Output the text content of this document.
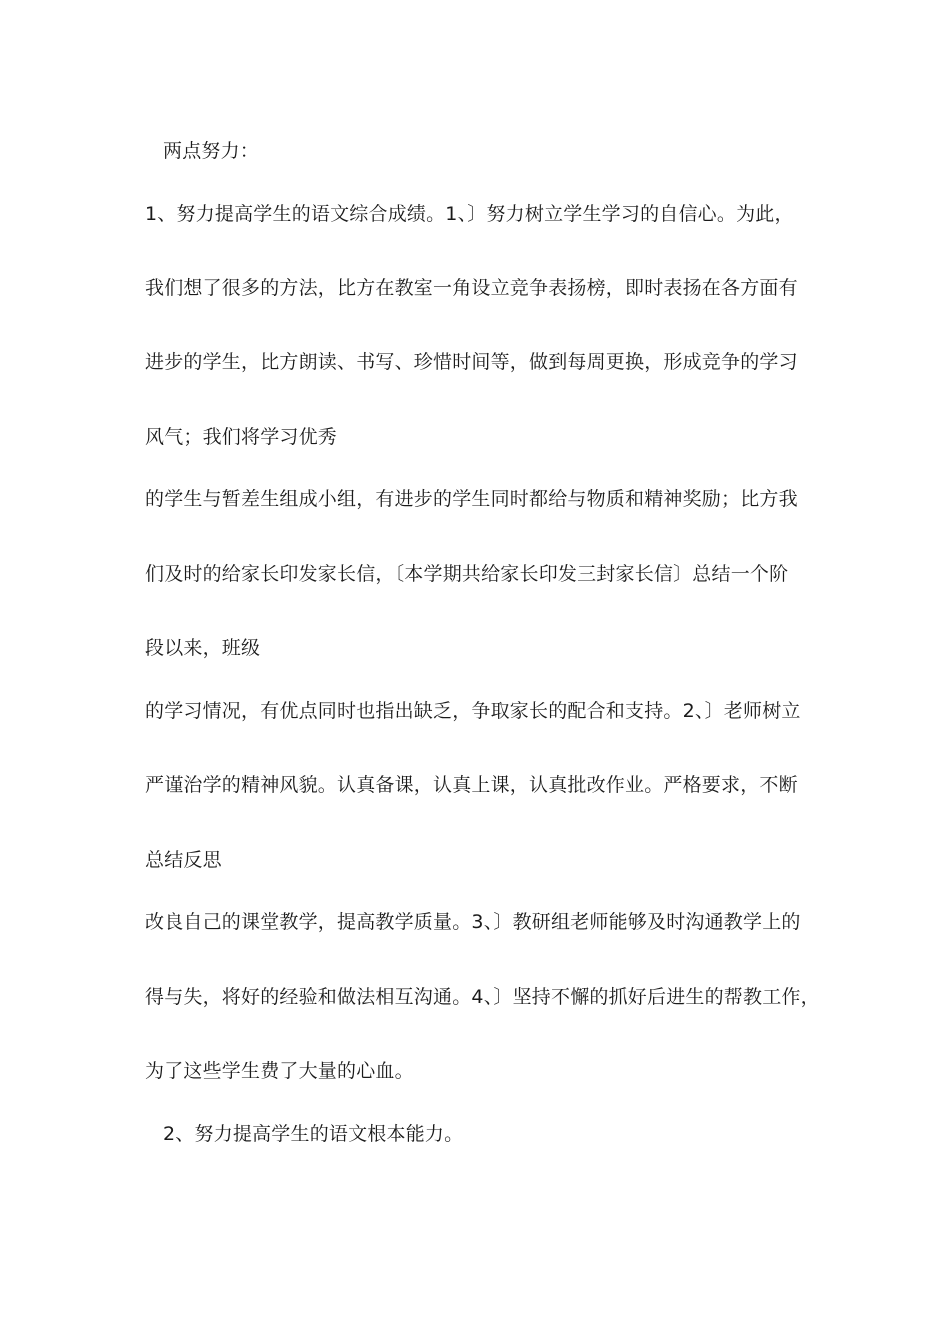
两点努力：
1、努力提高学生的语文综合成绩。1、〕努力树立学生学习的自信心。为此，
我们想了很多的方法，比方在教室一角设立竞争表扬榜，即时表扬在各方面有
进步的学生，比方朗读、书写、珍惜时间等，做到每周更换，形成竞争的学习
风气；我们将学习优秀
的学生与暂差生组成小组，有进步的学生同时都给与物质和精神奖励；比方我
们及时的给家长印发家长信，〔本学期共给家长印发三封家长信〕总结一个阶
段以来，班级
的学习情况，有优点同时也指出缺乏，争取家长的配合和支持。2、〕老师树立
严谨治学的精神风貌。认真备课，认真上课，认真批改作业。严格要求，不断
总结反思
改良自己的课堂教学，提高教学质量。3、〕教研组老师能够及时沟通教学上的
得与失，将好的经验和做法相互沟通。4、〕坚持不懈的抓好后进生的帮教工作，
为了这些学生费了大量的心血。
2、努力提高学生的语文根本能力。
